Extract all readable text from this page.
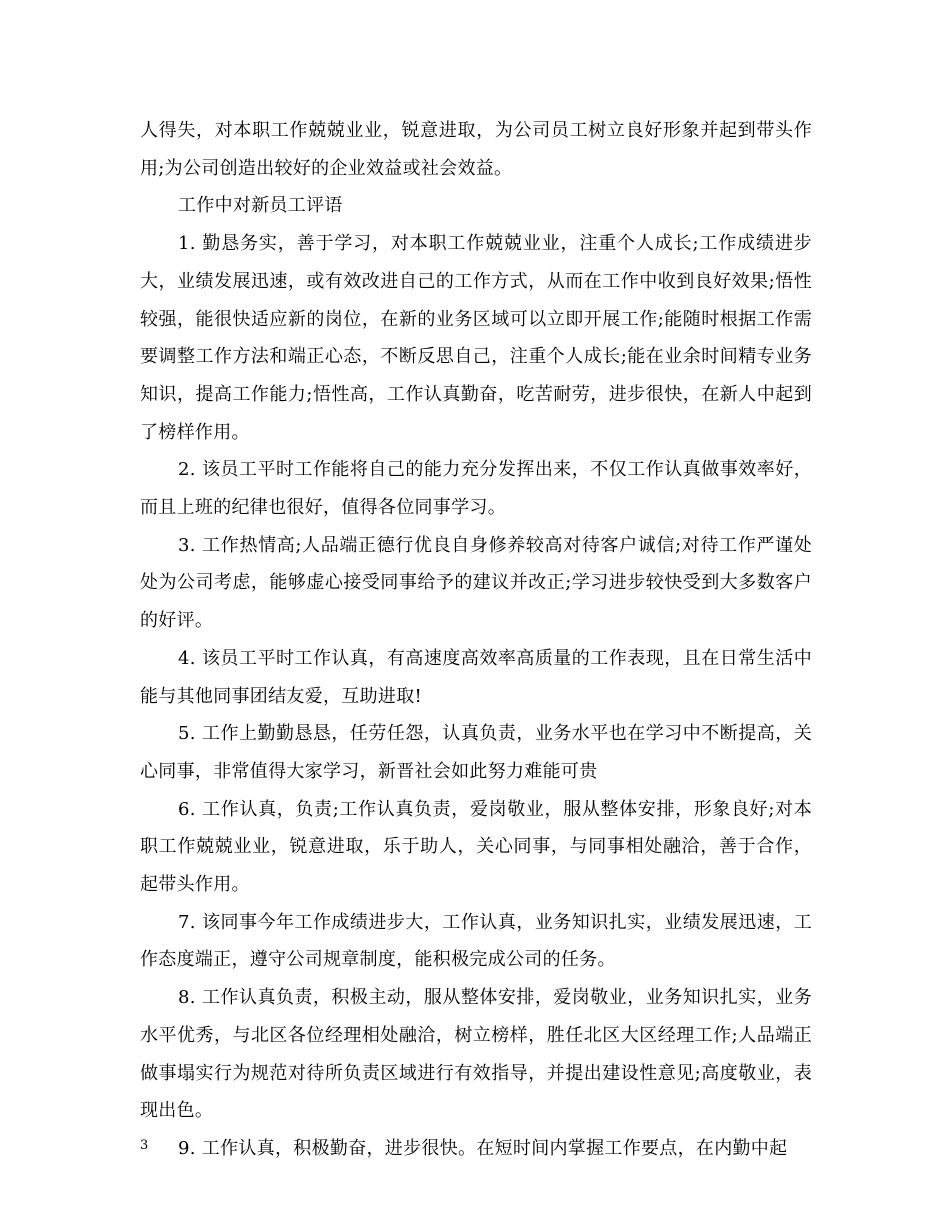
人得失，对本职工作兢兢业业，锐意进取，为公司员工树立良好形象并起到带头作用;为公司创造出较好的企业效益或社会效益。

工作中对新员工评语

1. 勤恳务实，善于学习，对本职工作兢兢业业，注重个人成长;工作成绩进步大，业绩发展迅速，或有效改进自己的工作方式，从而在工作中收到良好效果;悟性较强，能很快适应新的岗位，在新的业务区域可以立即开展工作;能随时根据工作需要调整工作方法和端正心态，不断反思自己，注重个人成长;能在业余时间精专业务知识，提高工作能力;悟性高，工作认真勤奋，吃苦耐劳，进步很快，在新人中起到了榜样作用。

2. 该员工平时工作能将自己的能力充分发挥出来，不仅工作认真做事效率好，而且上班的纪律也很好，值得各位同事学习。

3. 工作热情高;人品端正德行优良自身修养较高对待客户诚信;对待工作严谨处处为公司考虑，能够虚心接受同事给予的建议并改正;学习进步较快受到大多数客户的好评。

4. 该员工平时工作认真，有高速度高效率高质量的工作表现，且在日常生活中能与其他同事团结友爱，互助进取!

5. 工作上勤勤恳恳，任劳任怨，认真负责，业务水平也在学习中不断提高，关心同事，非常值得大家学习，新晋社会如此努力难能可贵

6. 工作认真，负责;工作认真负责，爱岗敬业，服从整体安排，形象良好;对本职工作兢兢业业，锐意进取，乐于助人，关心同事，与同事相处融洽，善于合作，起带头作用。

7. 该同事今年工作成绩进步大，工作认真，业务知识扎实，业绩发展迅速，工作态度端正，遵守公司规章制度，能积极完成公司的任务。

8. 工作认真负责，积极主动，服从整体安排，爱岗敬业，业务知识扎实，业务水平优秀，与北区各位经理相处融洽，树立榜样，胜任北区大区经理工作;人品端正做事塌实行为规范对待所负责区域进行有效指导，并提出建设性意见;高度敬业，表现出色。

9. 工作认真，积极勤奋，进步很快。在短时间内掌握工作要点，在内勤中起

3
